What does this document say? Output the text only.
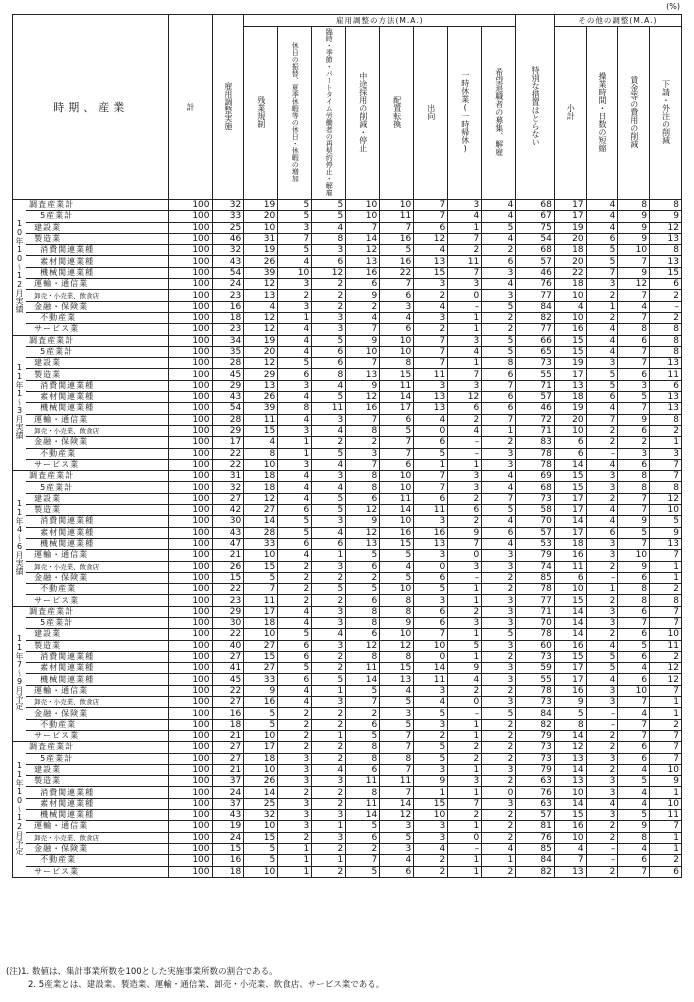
(%)
時期、産業		計	雇用調整実施	雇用調整の方法(M.A.)								特別な措置はとらない	その他の調整(M.A.)			
				残業規制	休日の振替、夏季休暇等の休日・休暇の増加	臨時・季節・パートタイム労働者の再契約停止・解雇	中途採用の削減・停止	配置転換	出向	一時休業(一時帰休)	希望退職者の募集、解雇		小計	操業時間・日数の短縮	賃金等の費用の削減	下請・外注の削減
10年10〜12月実績	調査産業計	100	32	19	5	5	10	10	7	3	4	68	17	4	8	8
	5産業計	100	33	20	5	5	10	11	7	4	4	67	17	4	9	9
	建設業	100	25	10	3	4	7	7	6	1	5	75	19	4	9	12
	製造業	100	46	31	7	8	14	16	12	7	4	54	20	6	9	13
	消費関連業種	100	32	19	5	3	12	5	4	2	2	68	18	5	10	8
	素材関連業種	100	43	26	4	6	13	16	13	11	6	57	20	5	7	13
	機械関連業種	100	54	39	10	12	16	22	15	7	3	46	22	7	9	15
	運輸・通信業	100	24	12	3	2	6	7	3	3	4	76	18	3	12	6
	卸売・小売業、飲食店	100	23	13	2	2	9	6	2	0	3	77	10	2	7	2
	金融・保険業	100	16	4	3	2	2	3	4	–	5	84	4	1	4	–
	不動産業	100	18	12	1	3	4	4	3	1	2	82	10	2	7	2
	サービス業	100	23	12	4	3	7	6	2	1	2	77	16	4	8	8
11年1〜3月実績	調査産業計	100	34	19	4	5	9	10	7	3	5	66	15	4	6	8
	5産業計	100	35	20	4	6	10	10	7	4	5	65	15	4	7	8
	建設業	100	28	12	5	6	7	8	7	1	8	73	19	3	7	13
	製造業	100	45	29	6	8	13	15	11	7	6	55	17	5	6	11
	消費関連業種	100	29	13	3	4	9	11	3	3	7	71	13	5	3	6
	素材関連業種	100	43	26	4	5	12	14	13	12	6	57	18	6	5	13
	機械関連業種	100	54	39	8	11	16	17	13	6	6	46	19	4	7	13
	運輸・通信業	100	28	11	4	3	7	6	4	2	7	72	20	7	9	8
	卸売・小売業、飲食店	100	29	15	3	4	8	5	0	4	1	71	10	2	6	2
	金融・保険業	100	17	4	1	2	2	7	6	–	2	83	6	2	2	1
	不動産業	100	22	8	1	5	3	7	5	–	3	78	6	–	3	3
	サービス業	100	22	10	3	4	7	6	1	1	3	78	14	4	6	7
11年4〜6月実績	調査産業計	100	31	18	4	3	8	10	7	3	4	69	15	3	8	7
	5産業計	100	32	18	4	4	8	10	7	3	4	68	15	3	8	8
	建設業	100	27	12	4	5	6	11	6	2	7	73	17	2	7	12
	製造業	100	42	27	6	5	12	14	11	6	5	58	17	4	7	10
	消費関連業種	100	30	14	5	3	9	10	3	2	4	70	14	4	9	5
	素材関連業種	100	43	28	5	4	12	16	16	9	6	57	17	6	5	9
	機械関連業種	100	47	33	6	6	13	15	13	7	4	53	18	3	7	13
	運輸・通信業	100	21	10	4	1	5	5	3	0	3	79	16	3	10	7
	卸売・小売業、飲食店	100	26	15	2	3	6	4	0	3	3	74	11	2	9	1
	金融・保険業	100	15	5	2	2	2	5	6	–	2	85	6	–	6	1
	不動産業	100	22	7	2	5	5	10	5	1	2	78	10	1	8	2
	サービス業	100	23	11	2	2	6	8	3	1	3	77	15	2	8	8
11年7〜9月予定	調査産業計	100	29	17	4	3	8	8	6	2	3	71	14	3	6	7
	5産業計	100	30	18	4	3	8	9	6	3	3	70	14	3	7	7
	建設業	100	22	10	5	4	6	10	7	1	5	78	14	2	6	10
	製造業	100	40	27	6	3	12	12	10	5	3	60	16	4	5	11
	消費関連業種	100	27	15	6	2	8	8	0	1	2	73	15	5	6	2
	素材関連業種	100	41	27	5	2	11	15	14	9	3	59	17	5	4	12
	機械関連業種	100	45	33	6	5	14	13	11	4	3	55	17	4	6	12
	運輸・通信業	100	22	9	4	1	5	4	3	2	2	78	16	3	10	7
	卸売・小売業、飲食店	100	27	16	4	3	7	5	4	0	3	73	9	3	7	1
	金融・保険業	100	16	5	2	2	2	3	5	–	5	84	5	–	4	1
	不動産業	100	18	5	2	2	6	5	3	1	2	82	8	–	7	2
	サービス業	100	21	10	2	1	5	7	2	1	2	79	14	2	7	7
11年10〜12月予定	調査産業計	100	27	17	2	2	8	7	5	2	2	73	12	2	6	7
	5産業計	100	27	18	3	2	8	8	5	2	2	73	13	3	6	7
	建設業	100	21	10	3	4	6	7	3	1	3	79	14	2	4	10
	製造業	100	37	26	3	3	11	11	9	3	2	63	13	3	5	9
	消費関連業種	100	24	14	2	2	8	7	1	1	0	76	10	3	4	1
	素材関連業種	100	37	25	3	2	11	14	15	7	3	63	14	4	4	10
	機械関連業種	100	43	32	3	3	14	12	10	2	2	57	15	3	5	11
	運輸・通信業	100	19	10	3	1	5	3	3	1	2	81	16	2	9	7
	卸売・小売業、飲食店	100	24	15	2	3	6	5	3	0	2	76	10	2	8	1
	金融・保険業	100	15	5	1	2	2	3	4	–	4	85	4	–	4	1
	不動産業	100	16	5	1	1	7	4	2	1	1	84	7	–	6	2
	サービス業	100	18	10	1	2	5	6	2	1	2	82	13	2	7	6
(注)1. 数値は、集計事業所数を100とした実施事業所数の割合である。
2. 5産業とは、建設業、製造業、運輸・通信業、卸売・小売業、飲食店、サービス業である。
